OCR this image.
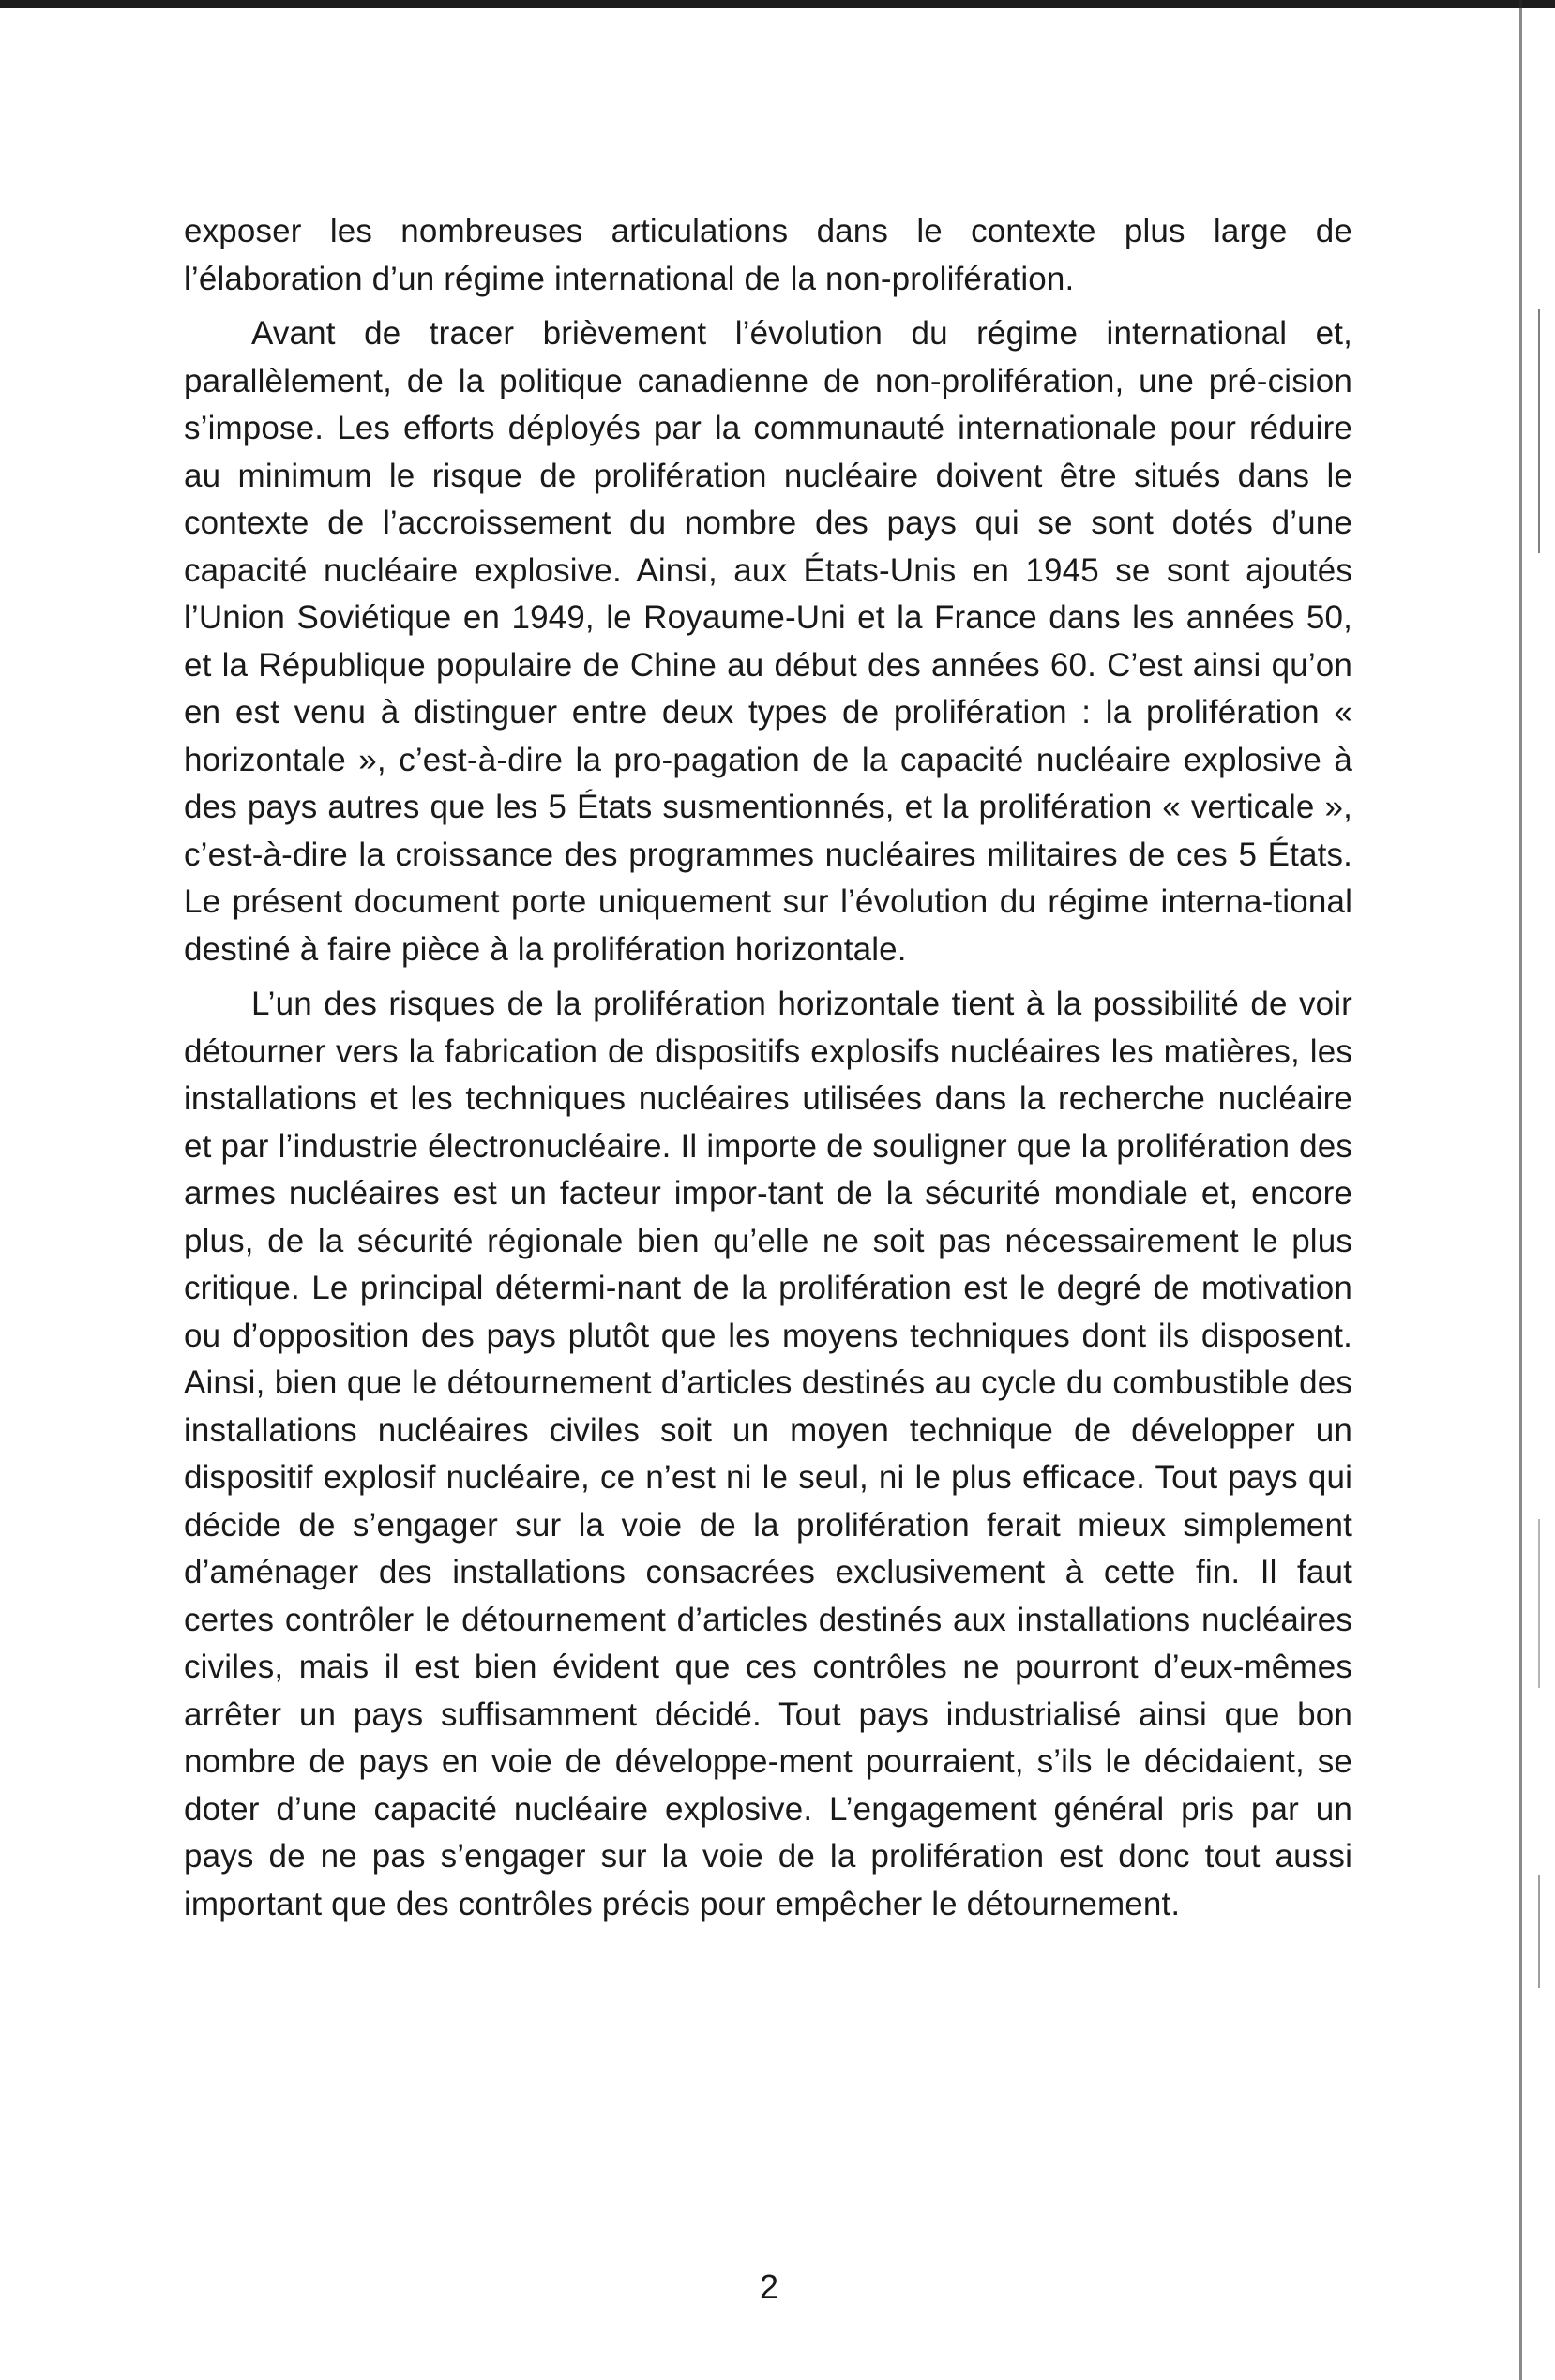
exposer les nombreuses articulations dans le contexte plus large de l’élaboration d’un régime international de la non-prolifération.

Avant de tracer brièvement l’évolution du régime international et, parallèlement, de la politique canadienne de non-prolifération, une pré-cision s’impose. Les efforts déployés par la communauté internationale pour réduire au minimum le risque de prolifération nucléaire doivent être situés dans le contexte de l’accroissement du nombre des pays qui se sont dotés d’une capacité nucléaire explosive. Ainsi, aux États-Unis en 1945 se sont ajoutés l’Union Soviétique en 1949, le Royaume-Uni et la France dans les années 50, et la République populaire de Chine au début des années 60. C’est ainsi qu’on en est venu à distinguer entre deux types de prolifération : la prolifération « horizontale », c’est-à-dire la pro-pagation de la capacité nucléaire explosive à des pays autres que les 5 États susmentionnés, et la prolifération « verticale », c’est-à-dire la croissance des programmes nucléaires militaires de ces 5 États. Le présent document porte uniquement sur l’évolution du régime interna-tional destiné à faire pièce à la prolifération horizontale.

L’un des risques de la prolifération horizontale tient à la possibilité de voir détourner vers la fabrication de dispositifs explosifs nucléaires les matières, les installations et les techniques nucléaires utilisées dans la recherche nucléaire et par l’industrie électronucléaire. Il importe de souligner que la prolifération des armes nucléaires est un facteur impor-tant de la sécurité mondiale et, encore plus, de la sécurité régionale bien qu’elle ne soit pas nécessairement le plus critique. Le principal détermi-nant de la prolifération est le degré de motivation ou d’opposition des pays plutôt que les moyens techniques dont ils disposent. Ainsi, bien que le détournement d’articles destinés au cycle du combustible des installations nucléaires civiles soit un moyen technique de développer un dispositif explosif nucléaire, ce n’est ni le seul, ni le plus efficace. Tout pays qui décide de s’engager sur la voie de la prolifération ferait mieux simplement d’aménager des installations consacrées exclusivement à cette fin. Il faut certes contrôler le détournement d’articles destinés aux installations nucléaires civiles, mais il est bien évident que ces contrôles ne pourront d’eux-mêmes arrêter un pays suffisamment décidé. Tout pays industrialisé ainsi que bon nombre de pays en voie de développe-ment pourraient, s’ils le décidaient, se doter d’une capacité nucléaire explosive. L’engagement général pris par un pays de ne pas s’engager sur la voie de la prolifération est donc tout aussi important que des contrôles précis pour empêcher le détournement.

2
